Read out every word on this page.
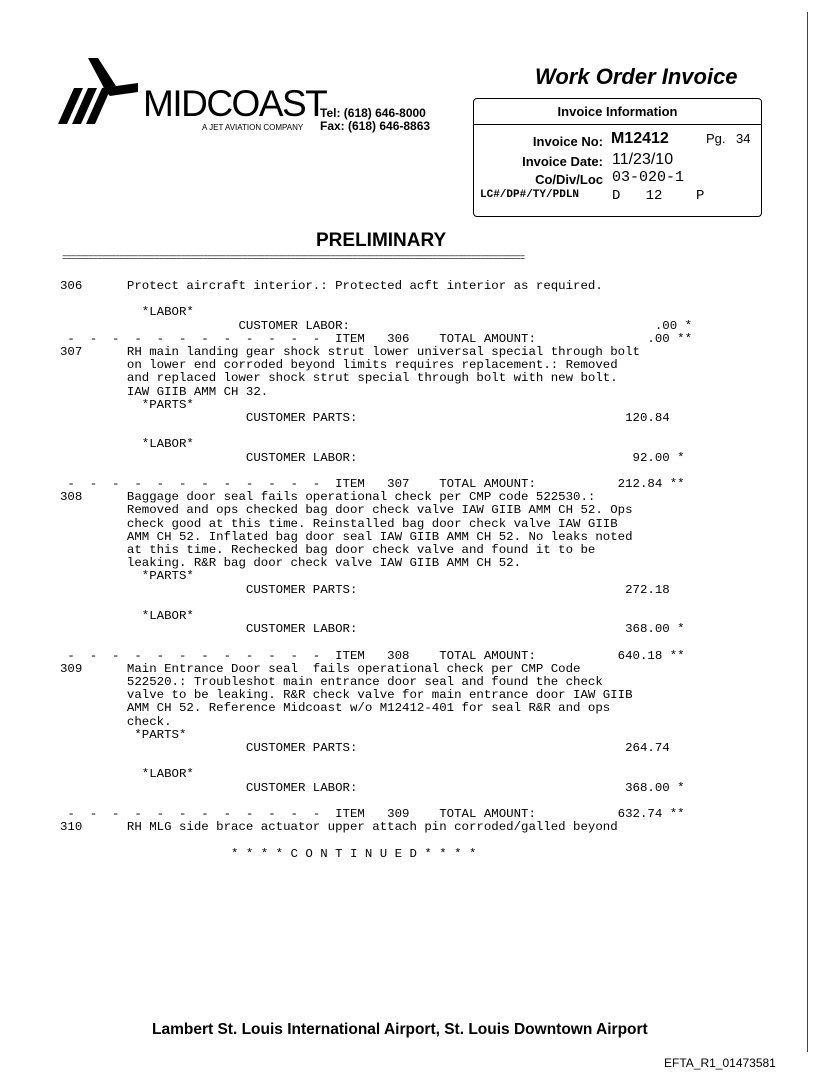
MIDCOAST
A JET AVIATION COMPANY
Tel: (618) 646-8000
Fax: (618) 646-8863
Work Order Invoice
Invoice Information
Invoice No: M12412	Pg. 34
Invoice Date: 11/23/10
Co/Div/Loc 03-020-1
LC#/DP#/TY/PDLN D   12    P
PRELIMINARY
=========================================================================================================
306      Protect aircraft interior.: Protected acft interior as required.
*LABOR*
CUSTOMER LABOR:                                         .00 *
-  -  -  -  -  -  -  -  -  -  -  -  ITEM   306    TOTAL AMOUNT:               .00 **
307      RH main landing gear shock strut lower universal special through bolt
on lower end corroded beyond limits requires replacement.: Removed
and replaced lower shock strut special through bolt with new bolt.
IAW GIIB AMM CH 32.
*PARTS*
CUSTOMER PARTS:                                    120.84
*LABOR*
CUSTOMER LABOR:                                     92.00 *
-  -  -  -  -  -  -  -  -  -  -  -  ITEM   307    TOTAL AMOUNT:           212.84 **
308      Baggage door seal fails operational check per CMP code 522530.:
Removed and ops checked bag door check valve IAW GIIB AMM CH 52. Ops
check good at this time. Reinstalled bag door check valve IAW GIIB
AMM CH 52. Inflated bag door seal IAW GIIB AMM CH 52. No leaks noted
at this time. Rechecked bag door check valve and found it to be
leaking. R&R bag door check valve IAW GIIB AMM CH 52.
*PARTS*
CUSTOMER PARTS:                                    272.18
*LABOR*
CUSTOMER LABOR:                                    368.00 *
-  -  -  -  -  -  -  -  -  -  -  -  ITEM   308    TOTAL AMOUNT:           640.18 **
309      Main Entrance Door seal  fails operational check per CMP Code
522520.: Troubleshot main entrance door seal and found the check
valve to be leaking. R&R check valve for main entrance door IAW GIIB
AMM CH 52. Reference Midcoast w/o M12412-401 for seal R&R and ops
check.
*PARTS*
CUSTOMER PARTS:                                    264.74
*LABOR*
CUSTOMER LABOR:                                    368.00 *
-  -  -  -  -  -  -  -  -  -  -  -  ITEM   309    TOTAL AMOUNT:           632.74 **
310      RH MLG side brace actuator upper attach pin corroded/galled beyond
* * * * C O N T I N U E D * * * *
Lambert St. Louis International Airport, St. Louis Downtown Airport
EFTA_R1_01473581
